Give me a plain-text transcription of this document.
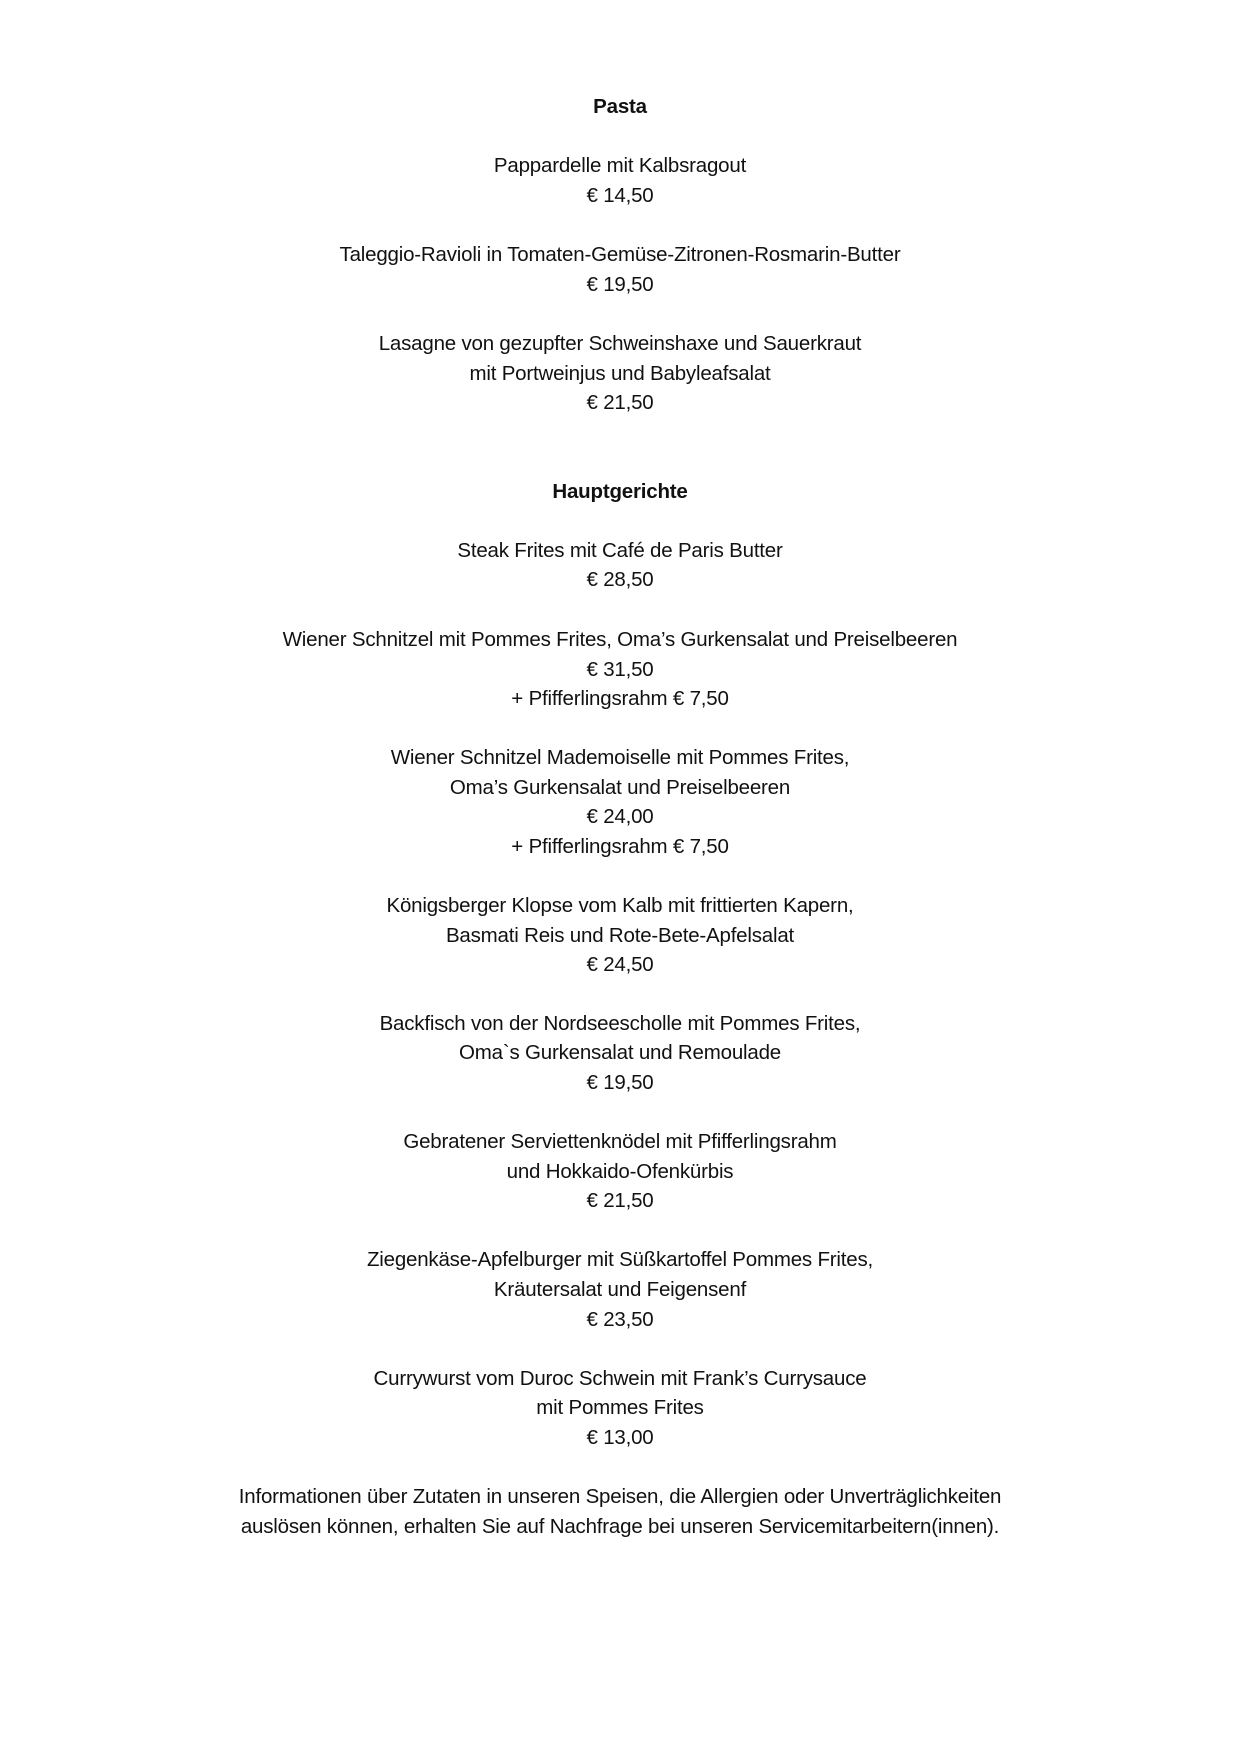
Pasta
Pappardelle mit Kalbsragout
€ 14,50
Taleggio-Ravioli in Tomaten-Gemüse-Zitronen-Rosmarin-Butter
€ 19,50
Lasagne von gezupfter Schweinshaxe und Sauerkraut
mit Portweinjus und Babyleafsalat
€ 21,50
Hauptgerichte
Steak Frites mit Café de Paris Butter
€ 28,50
Wiener Schnitzel mit Pommes Frites, Oma’s Gurkensalat und Preiselbeeren
€ 31,50
+ Pfifferlingsrahm € 7,50
Wiener Schnitzel Mademoiselle mit Pommes Frites,
Oma’s Gurkensalat und Preiselbeeren
€ 24,00
+ Pfifferlingsrahm € 7,50
Königsberger Klopse vom Kalb mit frittierten Kapern,
Basmati Reis und Rote-Bete-Apfelsalat
€ 24,50
Backfisch von der Nordseescholle mit Pommes Frites,
Oma`s Gurkensalat und Remoulade
€ 19,50
Gebratener Serviettenknödel mit Pfifferlingsrahm
und Hokkaido-Ofenkürbis
€ 21,50
Ziegenkäse-Apfelburger mit Süßkartoffel Pommes Frites,
Kräutersalat und Feigensenf
€ 23,50
Currywurst vom Duroc Schwein mit Frank’s Currysauce
mit Pommes Frites
€ 13,00
Informationen über Zutaten in unseren Speisen, die Allergien oder Unverträglichkeiten
auslösen können, erhalten Sie auf Nachfrage bei unseren Servicemitarbeitern(innen).
